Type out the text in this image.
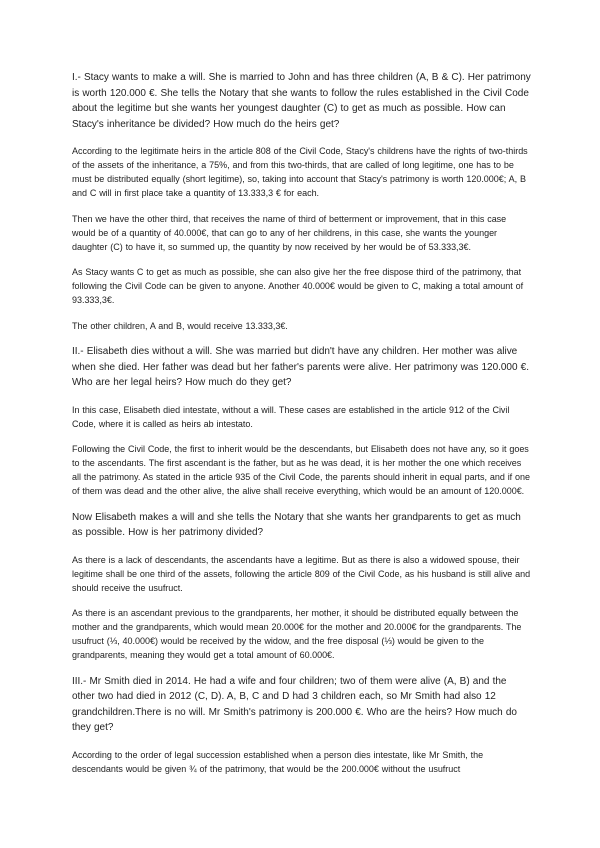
I.- Stacy wants to make a will. She is married to John and has three children (A, B & C). Her patrimony is worth 120.000 €. She tells the Notary that she wants to follow the rules established in the Civil Code about the legitime but she wants her youngest daughter (C) to get as much as possible. How can Stacy's inheritance be divided? How much do the heirs get?

According to the legitimate heirs in the article 808 of the Civil Code, Stacy's childrens have the rights of two-thirds of the assets of the inheritance, a 75%, and from this two-thirds, that are called of long legitime, one has to be must be distributed equally (short legitime), so, taking into account that Stacy's patrimony is worth 120.000€; A, B and C will in first place take a quantity of 13.333,3 € for each.

Then we have the other third, that receives the name of third of betterment or improvement, that in this case would be of a quantity of 40.000€, that can go to any of her childrens, in this case, she wants the younger daughter (C) to have it, so summed up, the quantity by now received by her would be of 53.333,3€.

As Stacy wants C to get as much as possible, she can also give her the free dispose third of the patrimony, that following the Civil Code can be given to anyone. Another 40.000€ would be given to C, making a total amount of 93.333,3€.

The other children, A and B, would receive 13.333,3€.

II.- Elisabeth dies without a will. She was married but didn't have any children. Her mother was alive when she died. Her father was dead but her father's parents were alive. Her patrimony was 120.000 €. Who are her legal heirs? How much do they get?

In this case, Elisabeth died intestate, without a will. These cases are established in the article 912 of the Civil Code, where it is called as heirs ab intestato.

Following the Civil Code, the first to inherit would be the descendants, but Elisabeth does not have any, so it goes to the ascendants. The first ascendant is the father, but as he was dead, it is her mother the one which receives all the patrimony. As stated in the article 935 of the Civil Code, the parents should inherit in equal parts, and if one of them was dead and the other alive, the alive shall receive everything, which would be an amount of 120.000€.

Now Elisabeth makes a will and she tells the Notary that she wants her grandparents to get as much as possible. How is her patrimony divided?

As there is a lack of descendants, the ascendants have a legitime. But as there is also a widowed spouse, their legitime shall be one third of the assets, following the article 809 of the Civil Code, as his husband is still alive and should receive the usufruct.

As there is an ascendant previous to the grandparents, her mother, it should be distributed equally between the mother and the grandparents, which would mean 20.000€ for the mother and 20.000€ for the grandparents. The usufruct (⅓, 40.000€) would be received by the widow, and the free disposal (⅓) would be given to the grandparents, meaning they would get a total amount of 60.000€.

III.- Mr Smith died in 2014. He had a wife and four children; two of them were alive (A, B) and the other two had died in 2012 (C, D). A, B, C and D had 3 children each, so Mr Smith had also 12 grandchildren.There is no will. Mr Smith's patrimony is 200.000 €. Who are the heirs? How much do they get?

According to the order of legal succession established when a person dies intestate, like Mr Smith, the descendants would be given ¾ of the patrimony, that would be the 200.000€ without the usufruct
